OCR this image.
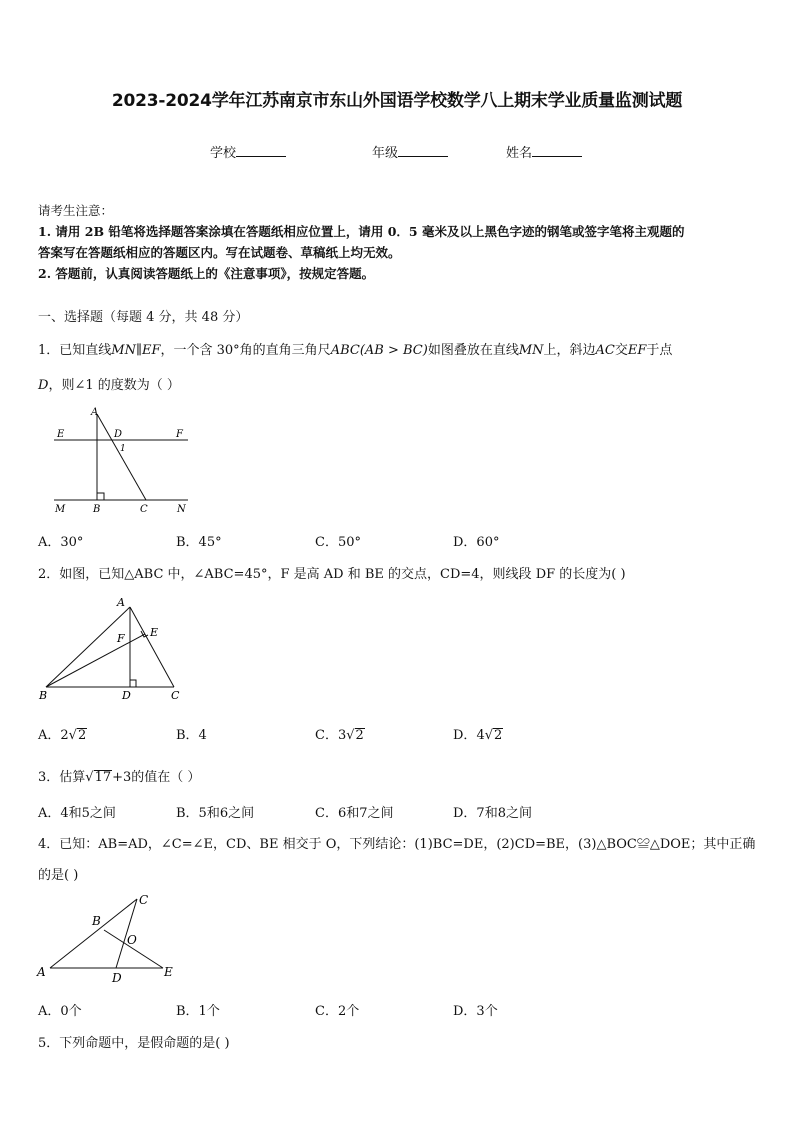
2023-2024学年江苏南京市东山外国语学校数学八上期末学业质量监测试题
学校	年级	姓名
请考生注意：
1. 请用 2B 铅笔将选择题答案涂填在答题纸相应位置上，请用 0．5 毫米及以上黑色字迹的钢笔或签字笔将主观题的
答案写在答题纸相应的答题区内。写在试题卷、草稿纸上均无效。
2. 答题前，认真阅读答题纸上的《注意事项》，按规定答题。
一、选择题（每题 4 分，共 48 分）
1．已知直线MN∥EF，一个含 30°角的直角三角尺ABC(AB > BC)如图叠放在直线MN上，斜边AC交EF于点
D，则∠1 的度数为（ ）
A
E	D	F
1
M	B	C	N
A．30°	B．45°	C．50°	D．60°
2．如图，已知△ABC 中，∠ABC=45°，F 是高 AD 和 BE 的交点，CD=4，则线段 DF 的长度为( )
A
E
F
B	D	C
A．2√2	B．4	C．3√2	D．4√2
3．估算√17+3的值在（ ）
A．4和5之间	B．5和6之间	C．6和7之间	D．7和8之间
4．已知：AB=AD，∠C=∠E，CD、BE 相交于 O，下列结论：(1)BC=DE，(2)CD=BE，(3)△BOC≌△DOE；其中正确
的是( )
C
B
O
A	D	E
A．0个	B．1个	C．2个	D．3个
5．下列命题中，是假命题的是( )
